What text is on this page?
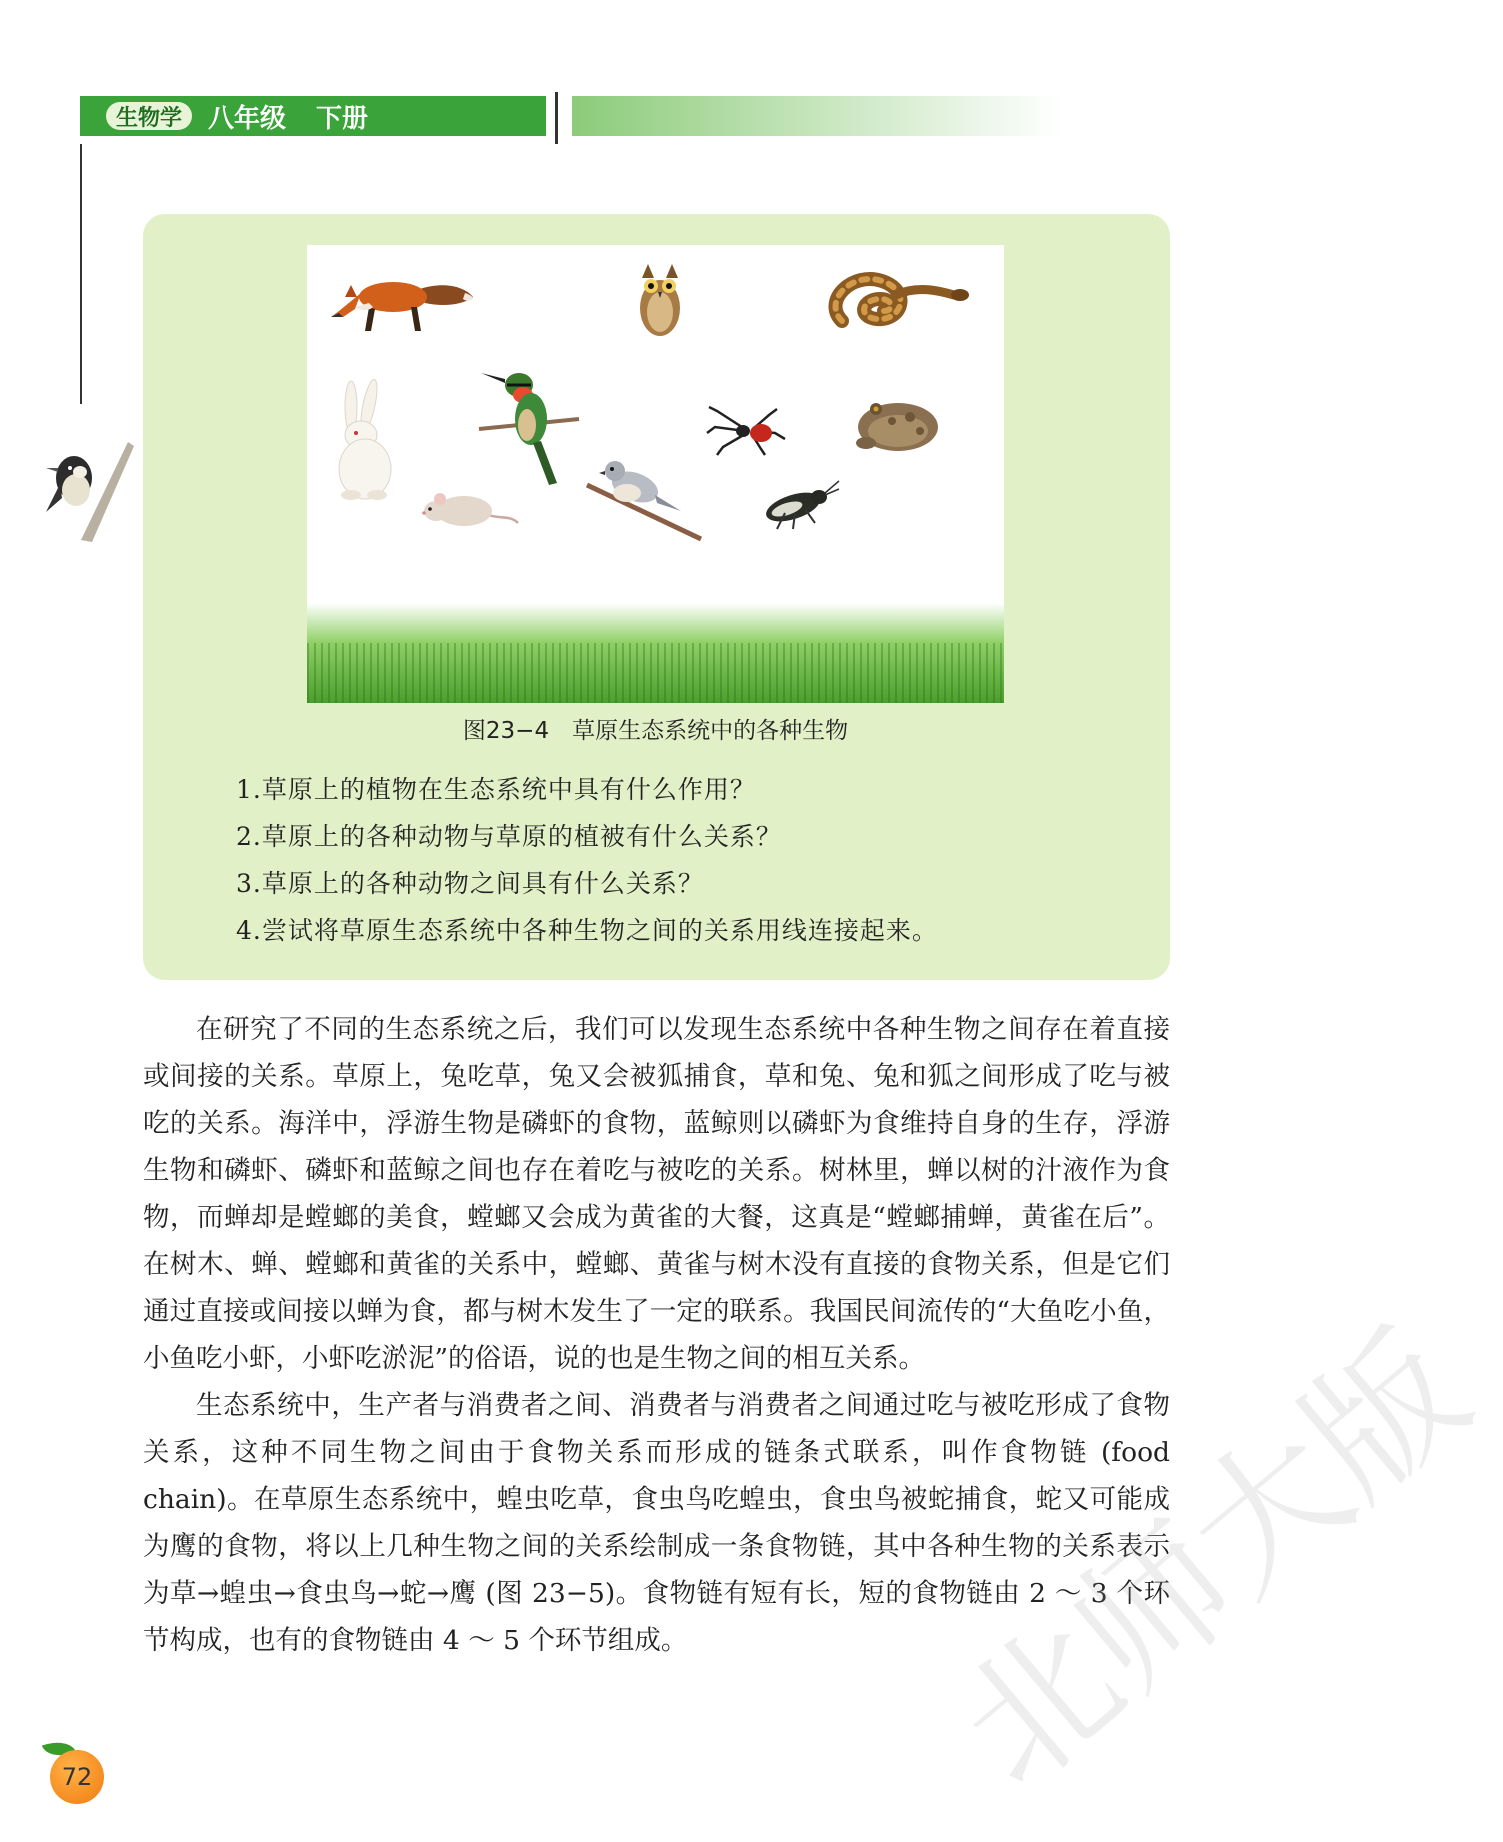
生物学	八年级 下册
图23−4　草原生态系统中的各种生物
1.草原上的植物在生态系统中具有什么作用？
2.草原上的各种动物与草原的植被有什么关系？
3.草原上的各种动物之间具有什么关系？
4.尝试将草原生态系统中各种生物之间的关系用线连接起来。

在研究了不同的生态系统之后，我们可以发现生态系统中各种生物之间存在着直接或间接的关系。草原上，兔吃草，兔又会被狐捕食，草和兔、兔和狐之间形成了吃与被吃的关系。海洋中，浮游生物是磷虾的食物，蓝鲸则以磷虾为食维持自身的生存，浮游生物和磷虾、磷虾和蓝鲸之间也存在着吃与被吃的关系。树林里，蝉以树的汁液作为食物，而蝉却是螳螂的美食，螳螂又会成为黄雀的大餐，这真是“螳螂捕蝉，黄雀在后”。在树木、蝉、螳螂和黄雀的关系中，螳螂、黄雀与树木没有直接的食物关系，但是它们通过直接或间接以蝉为食，都与树木发生了一定的联系。我国民间流传的“大鱼吃小鱼，小鱼吃小虾，小虾吃淤泥”的俗语，说的也是生物之间的相互关系。

生态系统中，生产者与消费者之间、消费者与消费者之间通过吃与被吃形成了食物关系，这种不同生物之间由于食物关系而形成的链条式联系，叫作食物链 (food chain)。在草原生态系统中，蝗虫吃草，食虫鸟吃蝗虫，食虫鸟被蛇捕食，蛇又可能成为鹰的食物，将以上几种生物之间的关系绘制成一条食物链，其中各种生物的关系表示为草→蝗虫→食虫鸟→蛇→鹰 (图 23−5)。食物链有短有长，短的食物链由 2 ～ 3 个环节构成，也有的食物链由 4 ～ 5 个环节组成。

72	北师大版
